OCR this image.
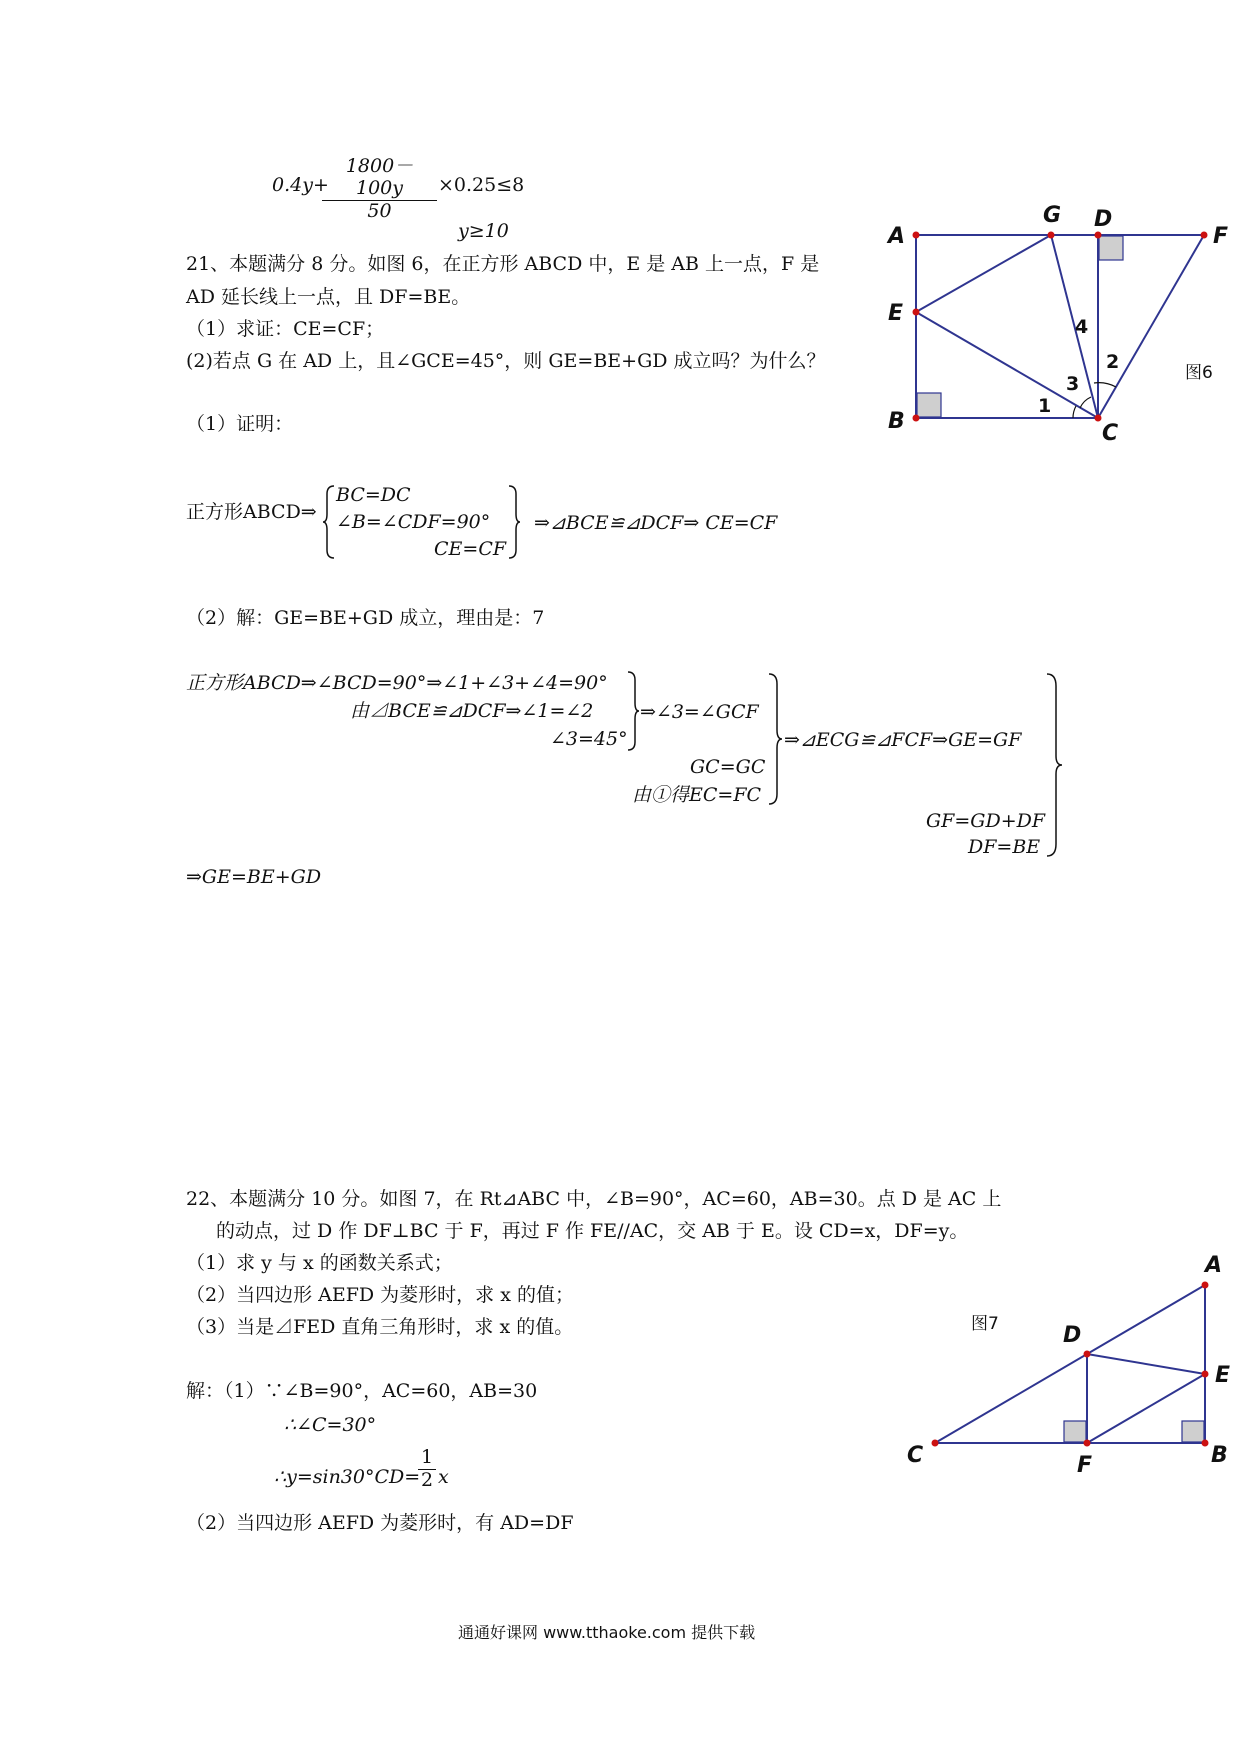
0.4y+
$\frac{1800-100y}{50} \times 0.25\le 8$
y≥10
21、本题满分 8 分。如图 6，在正方形 ABCD 中，E 是 AB 上一点，F 是
AD 延长线上一点，且 DF=BE。
（1）求证：CE=CF；
(2)若点 G 在 AD 上，且∠GCE=45°，则 GE=BE+GD 成立吗？为什么？
（1）证明：
正方形ABCD⇒
BC=DC
∠B=∠CDF=90°
CE=CF
⇒⊿BCE≌⊿DCF⇒ CE=CF
（2）解：GE=BE+GD 成立，理由是：7
正方形ABCD⇒∠BCD=90°⇒∠1+∠3+∠4=90°
由⊿BCE≌⊿DCF⇒∠1=∠2
∠3=45°
⇒∠3=∠GCF
GC=GC
由①得EC=FC
⇒⊿ECG≌⊿FCF⇒GE=GF
GF=GD+DF
DF=BE
⇒GE=BE+GD
A
B	C
D
E
F
G
1
2
3
4
图6
22、本题满分 10 分。如图 7，在 Rt⊿ABC 中，∠B=90°，AC=60，AB=30。点 D 是 AC 上
的动点，过 D 作 DF⊥BC 于 F，再过 F 作 FE//AC，交 AB 于 E。设 CD=x，DF=y。
（1）求 y 与 x 的函数关系式；
（2）当四边形 AEFD 为菱形时，求 x 的值；
（3）当是⊿FED 直角三角形时，求 x 的值。
解：（1）∵∠B=90°，AC=60，AB=30
∴∠C=30°
∴y=sin30°CD=
$\frac{1}{2}$ x
（2）当四边形 AEFD 为菱形时，有 AD=DF
A
B
C
D
E
F
图7
通通好课网 www.tthaoke.com 提供下载
